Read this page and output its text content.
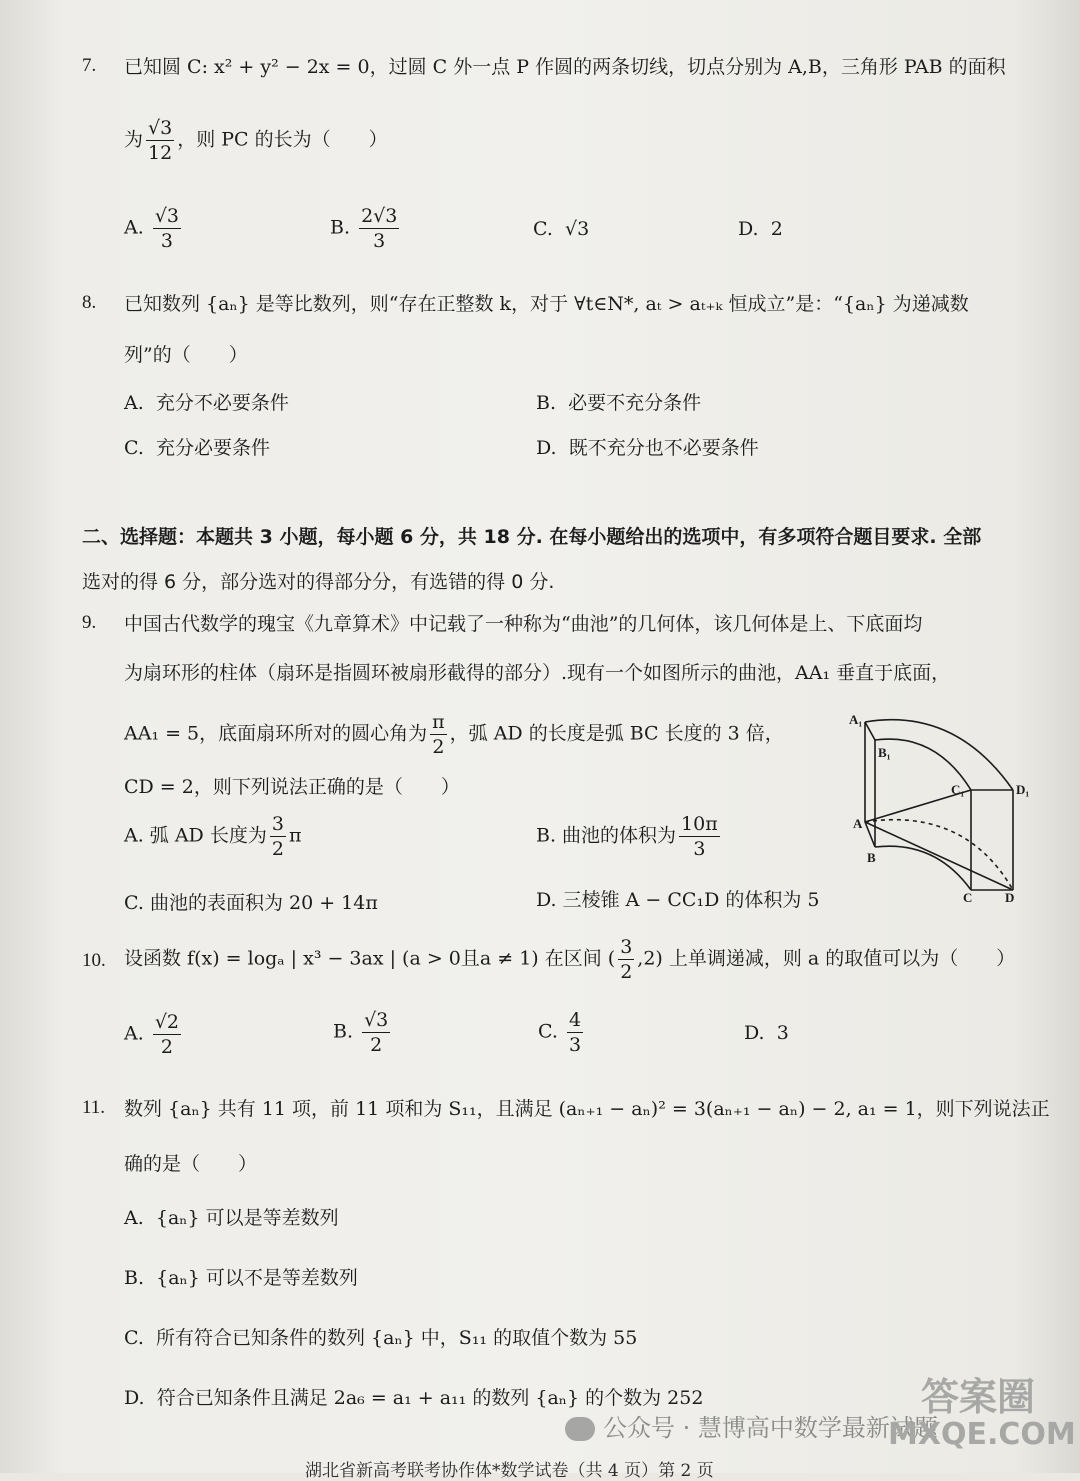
7. 已知圆 C: x² + y² − 2x = 0，过圆 C 外一点 P 作圆的两条切线，切点分别为 A,B，三角形 PAB 的面积
为 $\frac{√3}{12}$ ，则 PC 的长为（　　）
A. $\frac{√3}{3}$	B. $\frac{2√3}{3}$	C. √3	D. 2
8. 已知数列 {aₙ} 是等比数列，则“存在正整数 k，对于 ∀t∈N*, aₜ > aₜ₊ₖ 恒成立”是：“{aₙ} 为递减数
列”的（　　）
A. 充分不必要条件	B. 必要不充分条件
C. 充分必要条件	D. 既不充分也不必要条件
二、选择题：本题共 3 小题，每小题 6 分，共 18 分. 在每小题给出的选项中，有多项符合题目要求. 全部
选对的得 6 分，部分选对的得部分分，有选错的得 0 分.
9. 中国古代数学的瑰宝《九章算术》中记载了一种称为“曲池”的几何体，该几何体是上、下底面均
为扇环形的柱体（扇环是指圆环被扇形截得的部分）.现有一个如图所示的曲池，AA₁ 垂直于底面，
AA₁ = 5，底面扇环所对的圆心角为 $\frac{\pi}{2}$ ，弧 AD 的长度是弧 BC 长度的 3 倍，
CD = 2，则下列说法正确的是（　　）
A. 弧 AD 长度为 $\frac{3}{2}$ π	B. 曲池的体积为 $\frac{10\pi}{3}$
C. 曲池的表面积为 20 + 14π	D. 三棱锥 A − CC₁D 的体积为 5
A₁
B₁
C₁	D₁
A
B
C	D
10. 设函数 f(x) = logₐ | x³ − 3ax | (a > 0且a ≠ 1) 在区间 ( $\frac{3}{2} ,2$) 上单调递减，则 a 的取值可以为（　　）
A. $\frac{√2}{2}$	B. $\frac{√3}{2}$	C. $\frac{4}{3}$	D. 3
11. 数列 {aₙ} 共有 11 项，前 11 项和为 S₁₁，且满足 (aₙ₊₁ − aₙ)² = 3(aₙ₊₁ − aₙ) − 2, a₁ = 1，则下列说法正
确的是（　　）
A. {aₙ} 可以是等差数列
B. {aₙ} 可以不是等差数列
C. 所有符合已知条件的数列 {aₙ} 中，S₁₁ 的取值个数为 55
D. 符合已知条件且满足 2a₆ = a₁ + a₁₁ 的数列 {aₙ} 的个数为 252
公众号 · 慧博高中数学最新试题
答案圈
MXQE.COM
湖北省新高考联考协作体*数学试卷（共 4 页）第 2 页
